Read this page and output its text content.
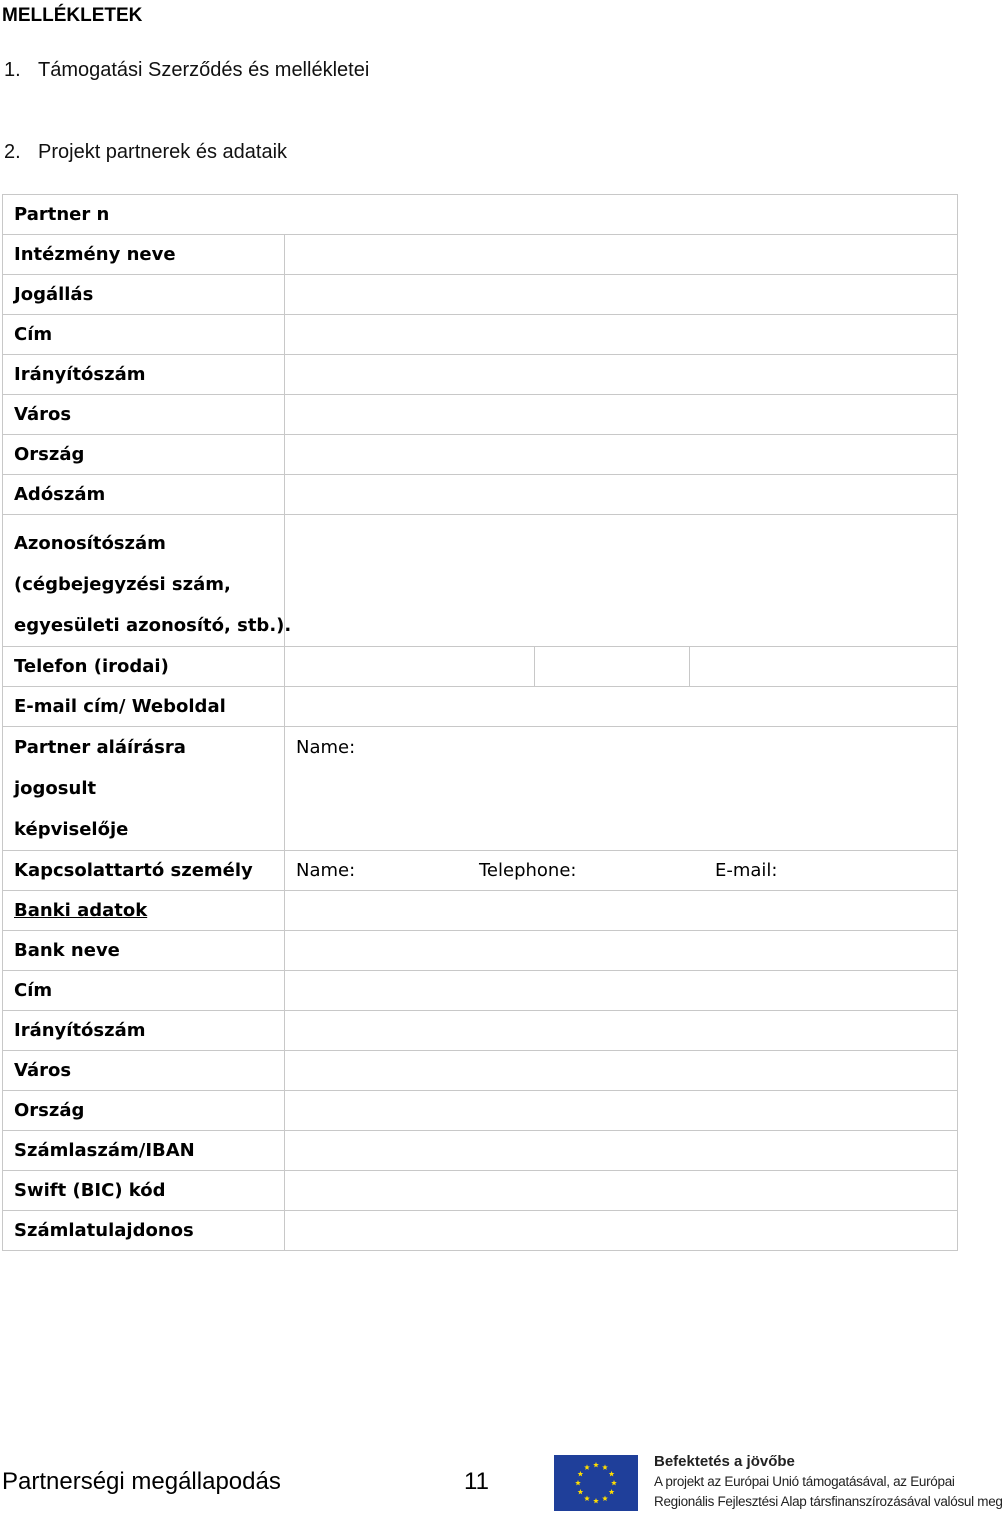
MELLÉKLETEK
1. Támogatási Szerződés és mellékletei
2. Projekt partnerek és adataik
Partner n			
Intézmény neve			
Jogállás			
Cím			
Irányítószám			
Város			
Ország			
Adószám			

Azonosítószám
(cégbejegyzési szám,
egyesületi azonosító, stb.).			

Telefon (irodai)			
E-mail cím/ Weboldal			

Partner aláírásra jogosult
képviselője	Name:		
Kapcsolattartó személy	Name: Telephone: E-mail:		

Banki adatok			
Bank neve			
Cím			
Irányítószám			
Város			
Ország			
Számlaszám/IBAN			
Swift (BIC) kód			
Számlatulajdonos			
Partnerségi megállapodás	11
Befektetés a jövőbe
A projekt az Európai Unió támogatásával, az Európai
Regionális Fejlesztési Alap társfinanszírozásával valósul meg
